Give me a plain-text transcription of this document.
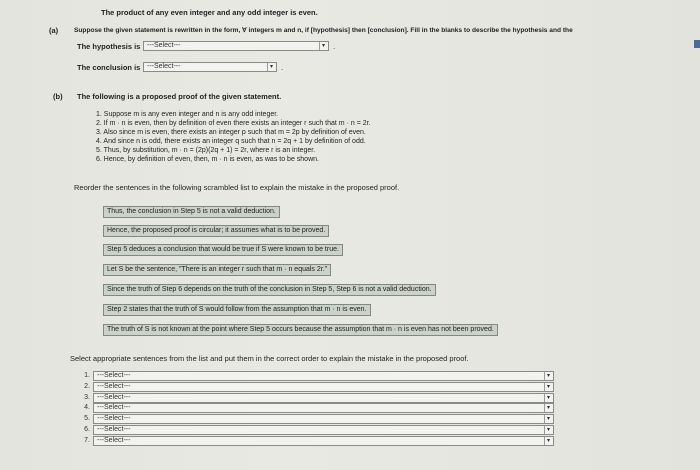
The product of any even integer and any odd integer is even.
(a) Suppose the given statement is rewritten in the form, ∀ integers m and n, if [hypothesis] then [conclusion]. Fill in the blanks to describe the hypothesis and the
The hypothesis is ---Select---	▾ .
The conclusion is ---Select---	▾ .
(b) The following is a proposed proof of the given statement.
1. Suppose m is any even integer and n is any odd integer.
2. If m · n is even, then by definition of even there exists an integer r such that m · n = 2r.
3. Also since m is even, there exists an integer p such that m = 2p by definition of even.
4. And since n is odd, there exists an integer q such that n = 2q + 1 by definition of odd.
5. Thus, by substitution, m · n = (2p)(2q + 1) = 2r, where r is an integer.
6. Hence, by definition of even, then, m · n is even, as was to be shown.
Reorder the sentences in the following scrambled list to explain the mistake in the proposed proof.
Thus, the conclusion in Step 5 is not a valid deduction.
Hence, the proposed proof is circular; it assumes what is to be proved.
Step 5 deduces a conclusion that would be true if S were known to be true.
Let S be the sentence, "There is an integer r such that m · n equals 2r."
Since the truth of Step 6 depends on the truth of the conclusion in Step 5, Step 6 is not a valid deduction.
Step 2 states that the truth of S would follow from the assumption that m · n is even.
The truth of S is not known at the point where Step 5 occurs because the assumption that m · n is even has not been proved.
Select appropriate sentences from the list and put them in the correct order to explain the mistake in the proposed proof.
1.	---Select---	▾
2.	---Select---	▾
3.	---Select---	▾
4.	---Select---	▾
5.	---Select---	▾
6.	---Select---	▾
7.	---Select---	▾
